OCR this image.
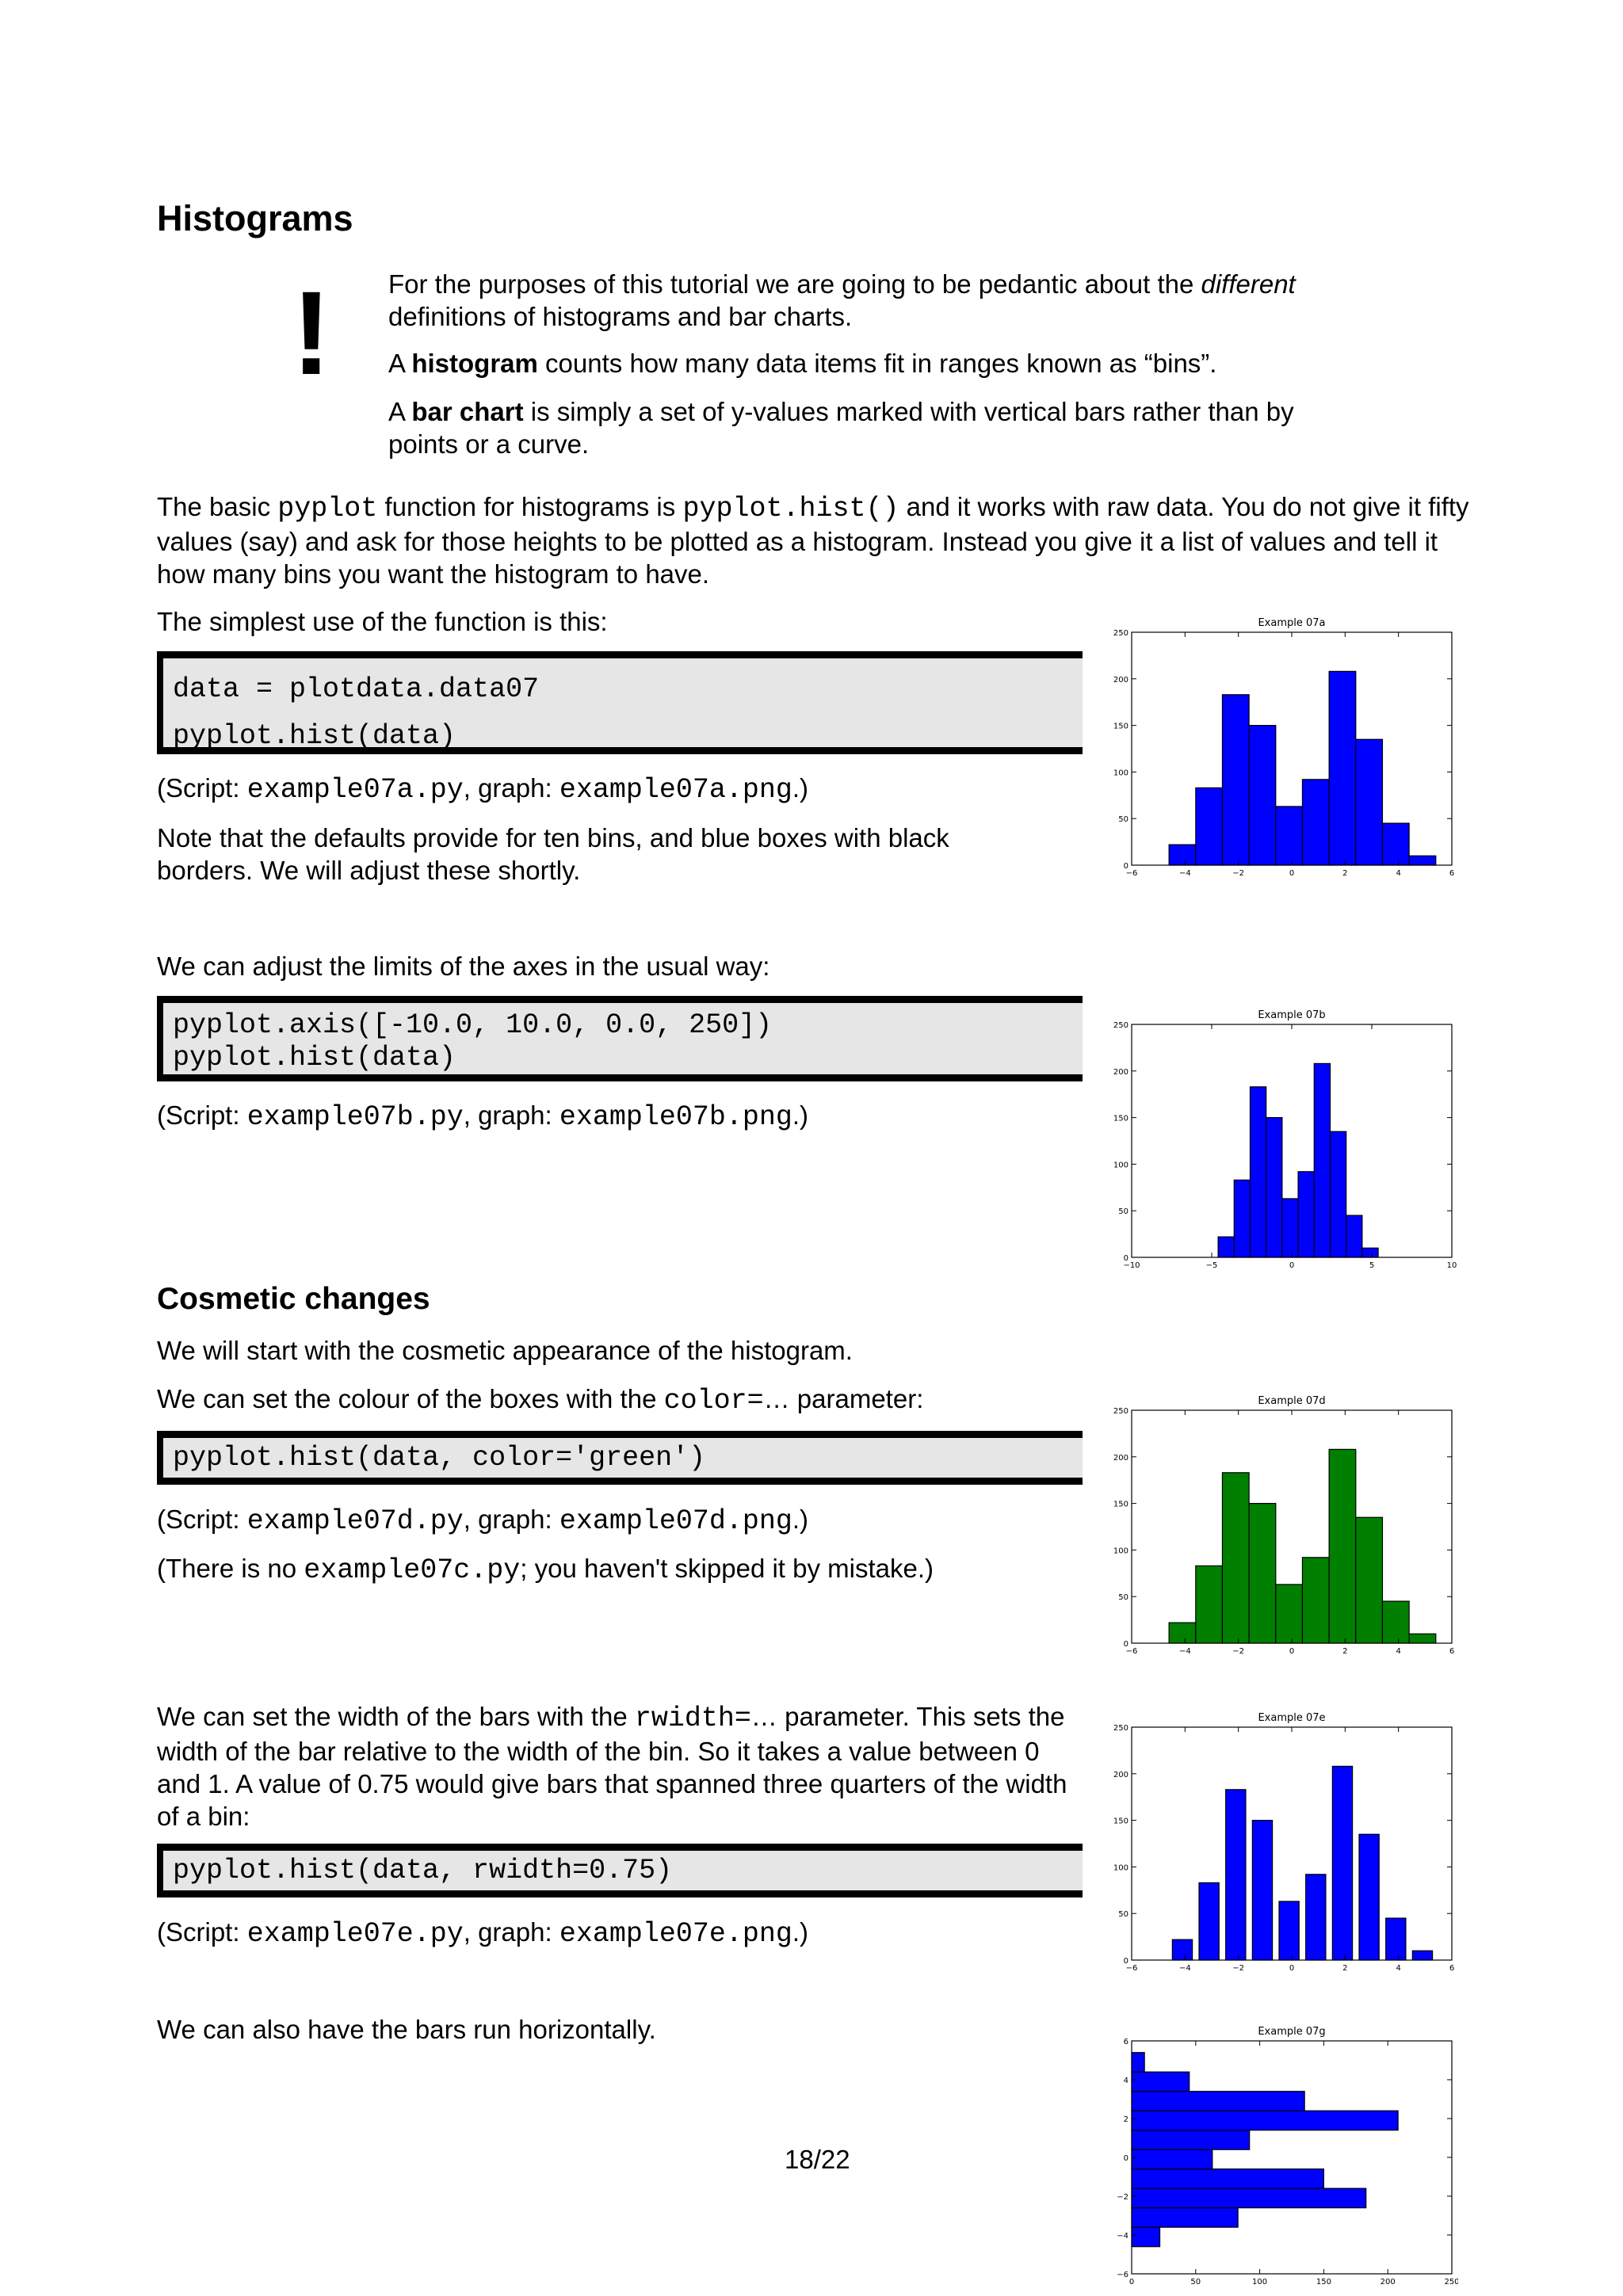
Histograms
! For the purposes of this tutorial we are going to be pedantic about the different definitions of histograms and bar charts.

A histogram counts how many data items fit in ranges known as “bins”.

A bar chart is simply a set of y-values marked with vertical bars rather than by points or a curve.

The basic pyplot function for histograms is pyplot.hist() and it works with raw data. You do not give it fifty values (say) and ask for those heights to be plotted as a histogram. Instead you give it a list of values and tell it how many bins you want the histogram to have.

The simplest use of the function is this:

data = plotdata.data07
pyplot.hist(data)

(Script: example07a.py, graph: example07a.png.)

Note that the defaults provide for ten bins, and blue boxes with black borders. We will adjust these shortly.

We can adjust the limits of the axes in the usual way:

pyplot.axis([-10.0, 10.0, 0.0, 250])
pyplot.hist(data)

(Script: example07b.py, graph: example07b.png.)

Cosmetic changes

We will start with the cosmetic appearance of the histogram.

We can set the colour of the boxes with the color=… parameter:

pyplot.hist(data, color='green')

(Script: example07d.py, graph: example07d.png.)

(There is no example07c.py; you haven't skipped it by mistake.)

We can set the width of the bars with the rwidth=… parameter. This sets the width of the bar relative to the width of the bin. So it takes a value between 0 and 1. A value of 0.75 would give bars that spanned three quarters of the width of a bin:

pyplot.hist(data, rwidth=0.75)

(Script: example07e.py, graph: example07e.png.)

We can also have the bars run horizontally.

18/22

Example 07a
−6	−4	−2	0	2	4	6
0
50
100
150
200
250
Example 07b
−10	−5	0	5	10
0
50
100
150
200
250
Example 07d
−6	−4	−2	0	2	4	6
0
50
100
150
200
250
Example 07e
−6	−4	−2	0	2	4	6
0
50
100
150
200
250
Example 07g
0	50	100	150	200	250
−6
−4
−2
0
2
4
6
